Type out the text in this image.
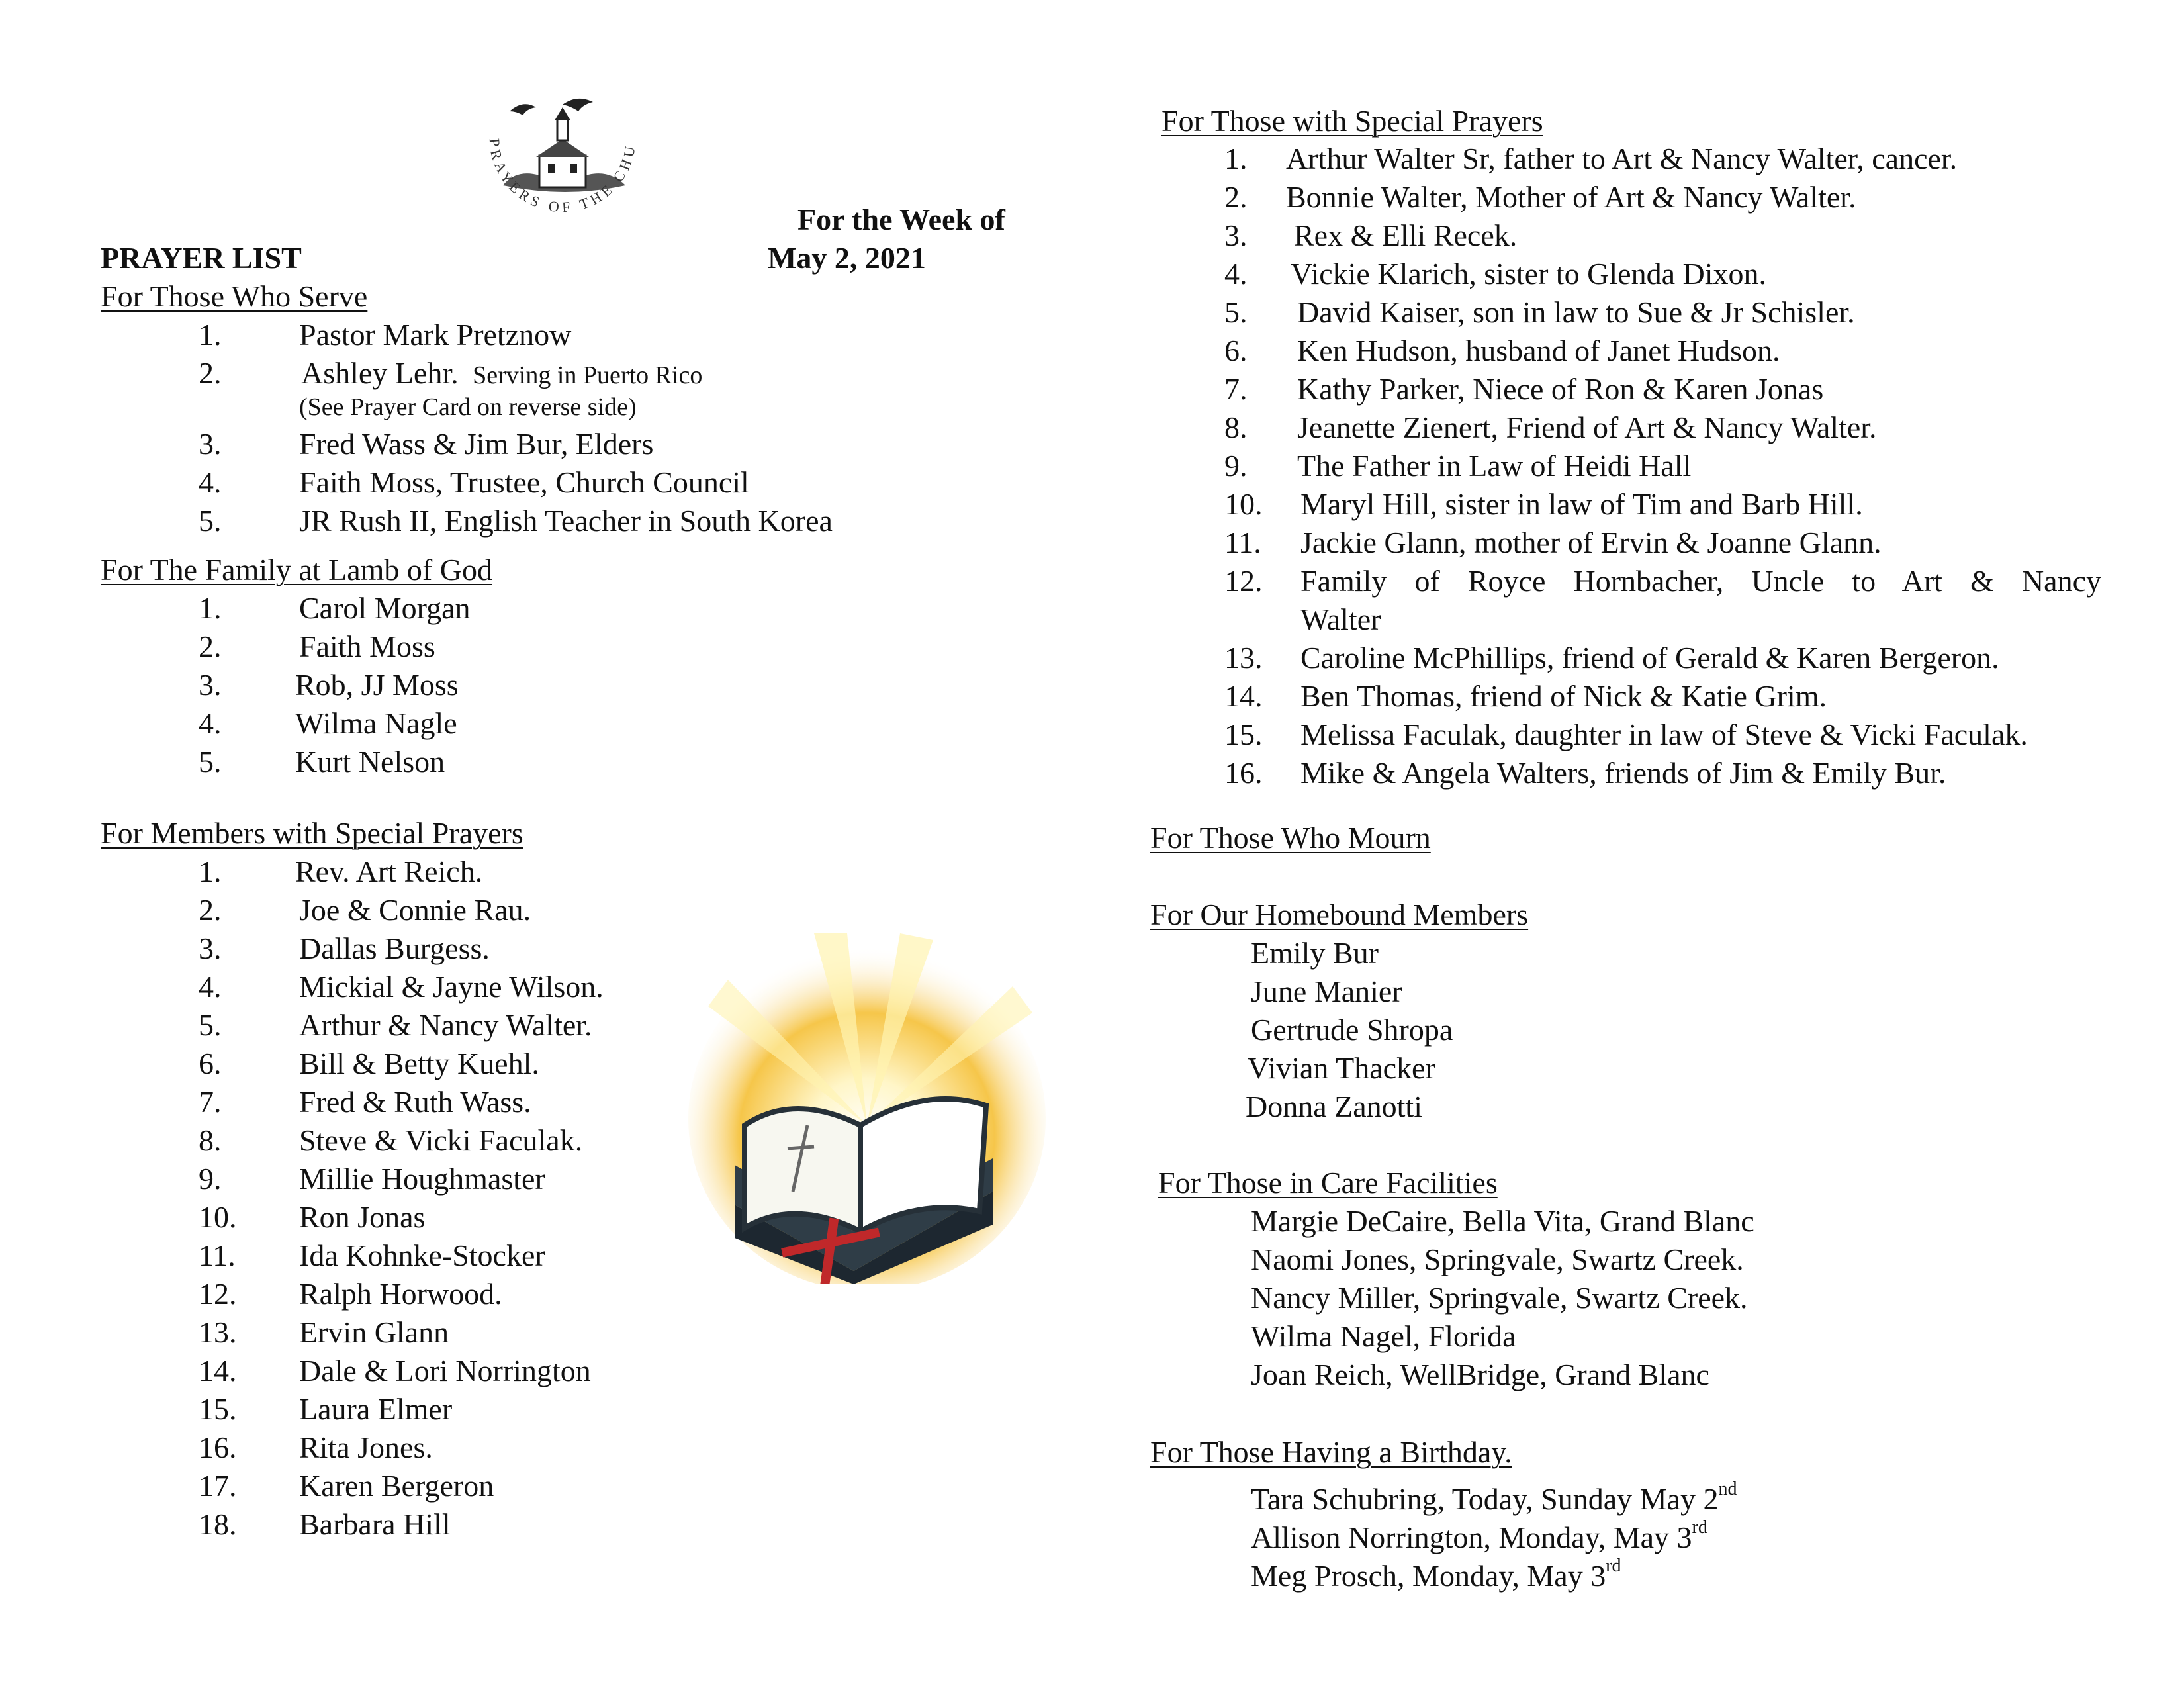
PRAYERS OF THE CHU
For the Week of
PRAYER LIST	May 2, 2021
For Those Who Serve
1.	Pastor Mark Pretznow
2.	Ashley Lehr. Serving in Puerto Rico
(See Prayer Card on reverse side)
3.	Fred Wass & Jim Bur, Elders
4.	Faith Moss, Trustee, Church Council
5.	JR Rush II, English Teacher in South Korea
For The Family at Lamb of God
1.	Carol Morgan
2.	Faith Moss
3. Rob, JJ Moss
4. Wilma Nagle
5. Kurt Nelson
For Members with Special Prayers
1. Rev. Art Reich.
2.	Joe & Connie Rau.
3.	Dallas Burgess.
4.	Mickial & Jayne Wilson.
5.	Arthur & Nancy Walter.
6.	Bill & Betty Kuehl.
7.	Fred & Ruth Wass.
8.	Steve & Vicki Faculak.
9.	Millie Houghmaster
10. Ron Jonas
11. Ida Kohnke-Stocker
12. Ralph Horwood.
13. Ervin Glann
14. Dale & Lori Norrington
15. Laura Elmer
16. Rita Jones.
17. Karen Bergeron
18. Barbara Hill
For Those with Special Prayers
1. Arthur Walter Sr, father to Art & Nancy Walter, cancer.
2. Bonnie Walter, Mother of Art & Nancy Walter.
3. Rex & Elli Recek.
4. Vickie Klarich, sister to Glenda Dixon.
5. David Kaiser, son in law to Sue & Jr Schisler.
6. Ken Hudson, husband of Janet Hudson.
7. Kathy Parker, Niece of Ron & Karen Jonas
8. Jeanette Zienert, Friend of Art & Nancy Walter.
9. The Father in Law of Heidi Hall
10. Maryl Hill, sister in law of Tim and Barb Hill.
11. Jackie Glann, mother of Ervin & Joanne Glann.
12. Family of Royce Hornbacher, Uncle to Art & Nancy
Walter
13. Caroline McPhillips, friend of Gerald & Karen Bergeron.
14. Ben Thomas, friend of Nick & Katie Grim.
15. Melissa Faculak, daughter in law of Steve & Vicki Faculak.
16. Mike & Angela Walters, friends of Jim & Emily Bur.
For Those Who Mourn
For Our Homebound Members
Emily Bur
June Manier
Gertrude Shropa
Vivian Thacker
Donna Zanotti
For Those in Care Facilities
Margie DeCaire, Bella Vita, Grand Blanc
Naomi Jones, Springvale, Swartz Creek.
Nancy Miller, Springvale, Swartz Creek.
Wilma Nagel, Florida
Joan Reich, WellBridge, Grand Blanc
For Those Having a Birthday.
Tara Schubring, Today, Sunday May 2nd
Allison Norrington, Monday, May 3rd
Meg Prosch, Monday, May 3rd
